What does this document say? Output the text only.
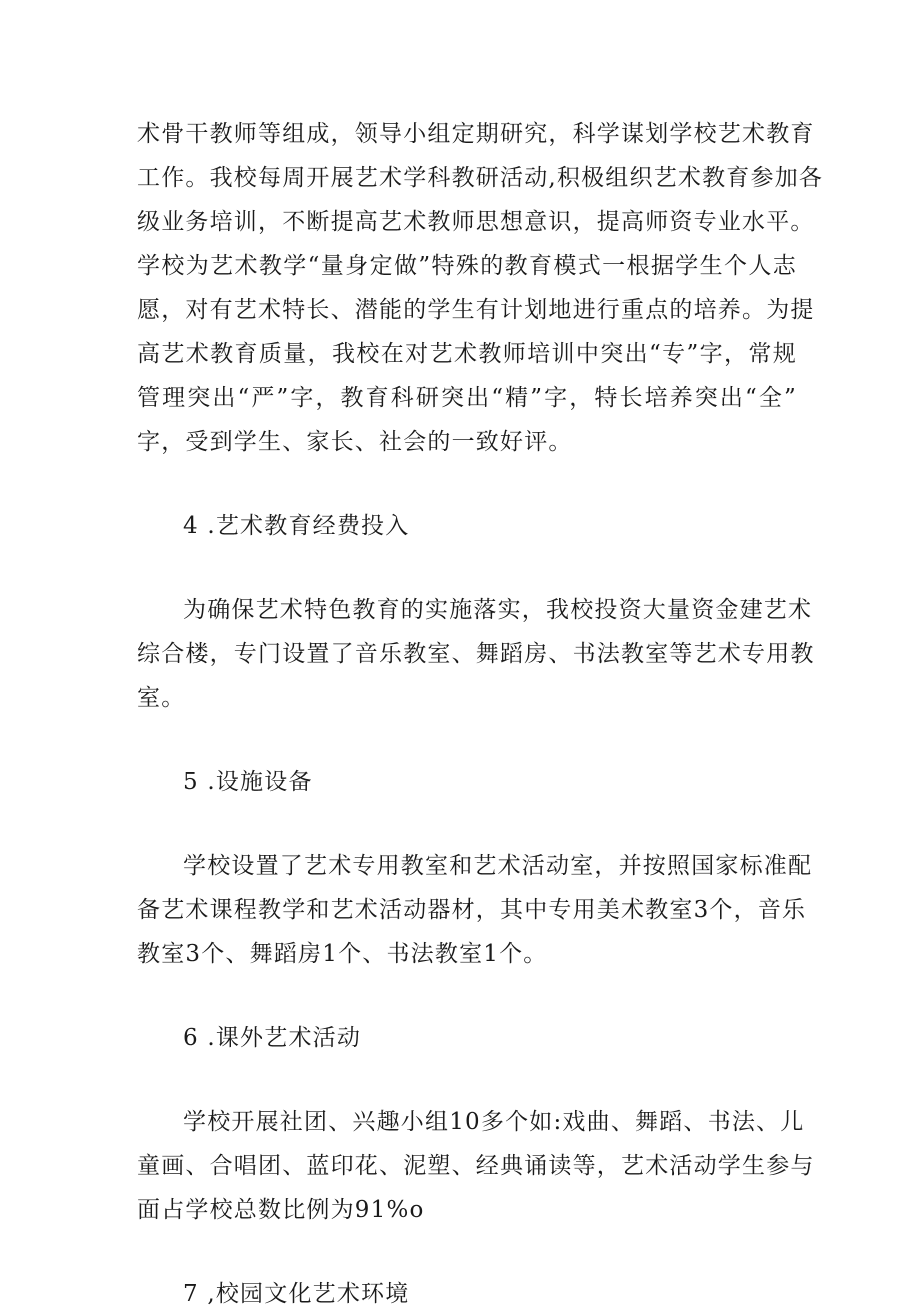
术骨干教师等组成，领导小组定期研究，科学谋划学校艺术教育
工作。我校每周开展艺术学科教研活动,积极组织艺术教育参加各
级业务培训，不断提高艺术教师思想意识，提高师资专业水平。
学校为艺术教学“量身定做”特殊的教育模式一根据学生个人志
愿，对有艺术特长、潜能的学生有计划地进行重点的培养。为提
高艺术教育质量，我校在对艺术教师培训中突出“专”字，常规
管理突出“严”字，教育科研突出“精”字，特长培养突出“全”
字，受到学生、家长、社会的一致好评。
4 .艺术教育经费投入
为确保艺术特色教育的实施落实，我校投资大量资金建艺术
综合楼，专门设置了音乐教室、舞蹈房、书法教室等艺术专用教
室。
5 .设施设备
学校设置了艺术专用教室和艺术活动室，并按照国家标准配
备艺术课程教学和艺术活动器材，其中专用美术教室3个，音乐
教室3个、舞蹈房1个、书法教室1个。
6 .课外艺术活动
学校开展社团、兴趣小组10多个如:戏曲、舞蹈、书法、儿
童画、合唱团、蓝印花、泥塑、经典诵读等，艺术活动学生参与
面占学校总数比例为91%o
7 ,校园文化艺术环境
